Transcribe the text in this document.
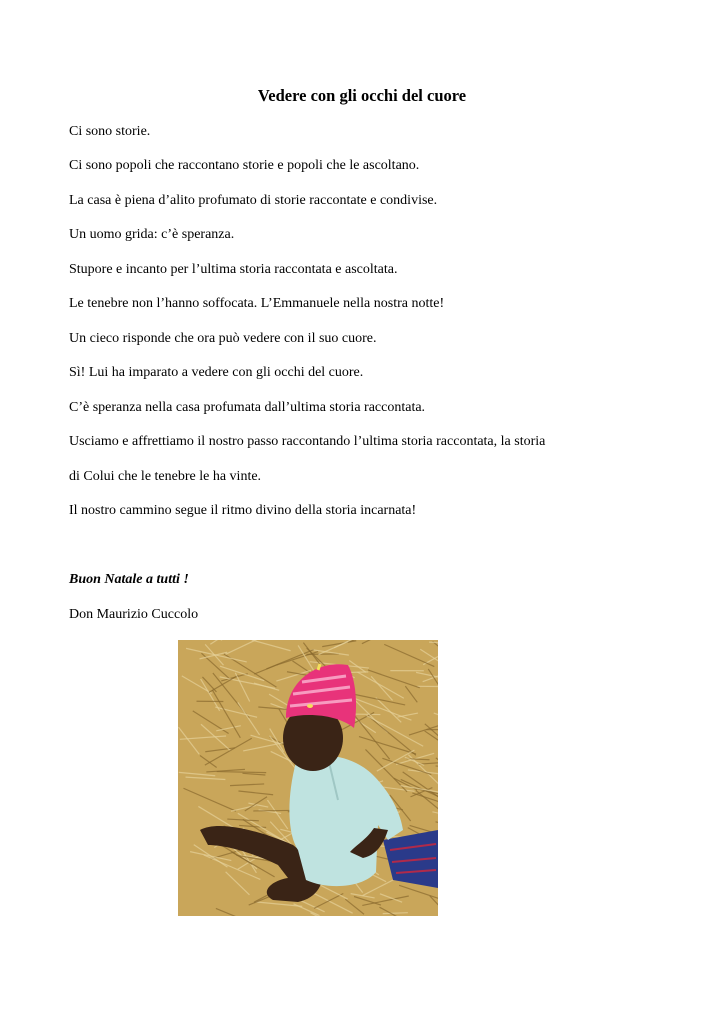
Vedere con gli occhi del cuore

Ci sono storie.

Ci sono popoli che raccontano storie e popoli che le ascoltano.

La casa è piena d’alito profumato di storie raccontate e condivise.

Un uomo grida: c’è speranza.

Stupore e incanto per l’ultima storia raccontata e ascoltata.

Le tenebre non l’hanno soffocata. L’Emmanuele nella nostra notte!

Un cieco risponde che ora può vedere con il suo cuore.

Sì! Lui ha imparato a vedere con gli occhi del cuore.

C’è speranza nella casa profumata dall’ultima storia raccontata.

Usciamo e affrettiamo il nostro passo raccontando l’ultima storia raccontata, la storia

di Colui che le tenebre le ha vinte.

Il nostro cammino segue il ritmo divino della storia incarnata!

Buon Natale a tutti !

Don Maurizio Cuccolo
